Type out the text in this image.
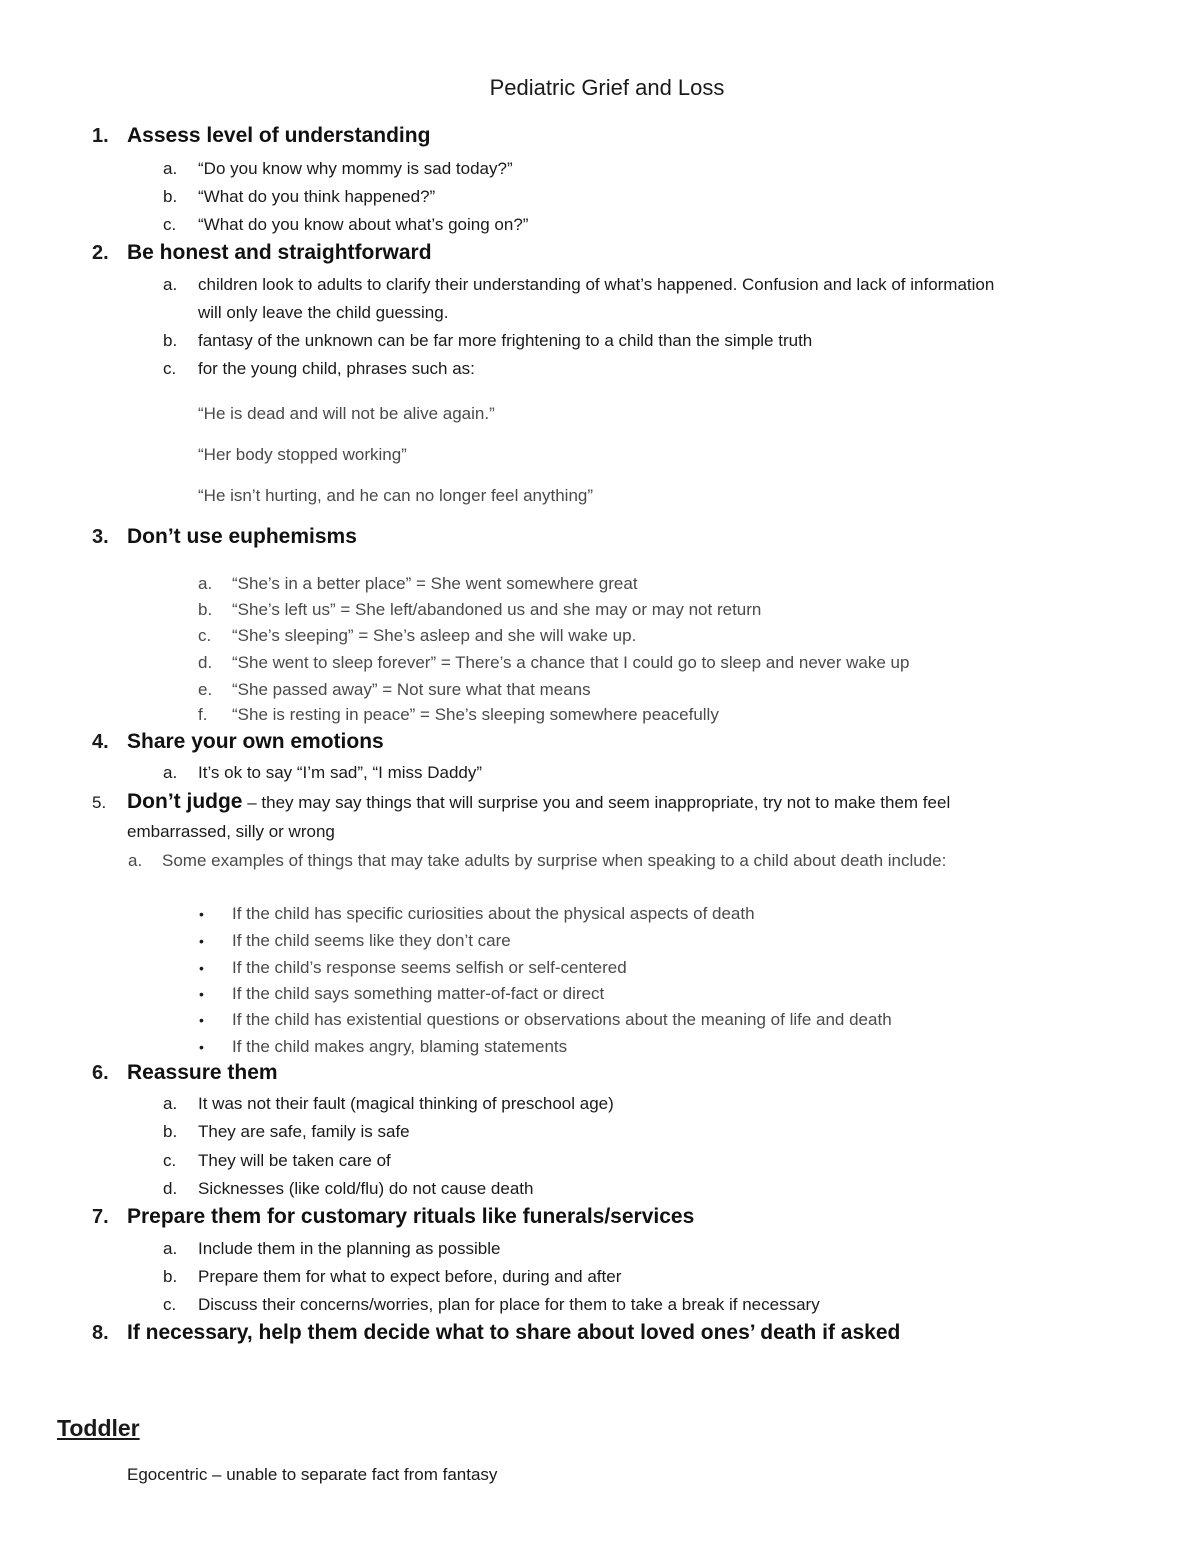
Pediatric Grief and Loss
1. Assess level of understanding
a. “Do you know why mommy is sad today?”
b. “What do you think happened?”
c. “What do you know about what’s going on?”
2. Be honest and straightforward
a. children look to adults to clarify their understanding of what’s happened. Confusion and lack of information
will only leave the child guessing.
b. fantasy of the unknown can be far more frightening to a child than the simple truth
c. for the young child, phrases such as:
“He is dead and will not be alive again.”
“Her body stopped working”
“He isn’t hurting, and he can no longer feel anything”
3. Don’t use euphemisms
a. “She’s in a better place” = She went somewhere great
b. “She’s left us” = She left/abandoned us and she may or may not return
c. “She’s sleeping” = She’s asleep and she will wake up.
d. “She went to sleep forever” = There’s a chance that I could go to sleep and never wake up
e. “She passed away” = Not sure what that means
f. “She is resting in peace” = She’s sleeping somewhere peacefully
4. Share your own emotions
a. It’s ok to say “I’m sad”, “I miss Daddy”
5. Don’t judge – they may say things that will surprise you and seem inappropriate, try not to make them feel
embarrassed, silly or wrong
a. Some examples of things that may take adults by surprise when speaking to a child about death include:
• If the child has specific curiosities about the physical aspects of death
• If the child seems like they don’t care
• If the child’s response seems selfish or self-centered
• If the child says something matter-of-fact or direct
• If the child has existential questions or observations about the meaning of life and death
• If the child makes angry, blaming statements
6. Reassure them
a. It was not their fault (magical thinking of preschool age)
b. They are safe, family is safe
c. They will be taken care of
d. Sicknesses (like cold/flu) do not cause death
7. Prepare them for customary rituals like funerals/services
a. Include them in the planning as possible
b. Prepare them for what to expect before, during and after
c. Discuss their concerns/worries, plan for place for them to take a break if necessary
8. If necessary, help them decide what to share about loved ones’ death if asked
Toddler
Egocentric – unable to separate fact from fantasy
